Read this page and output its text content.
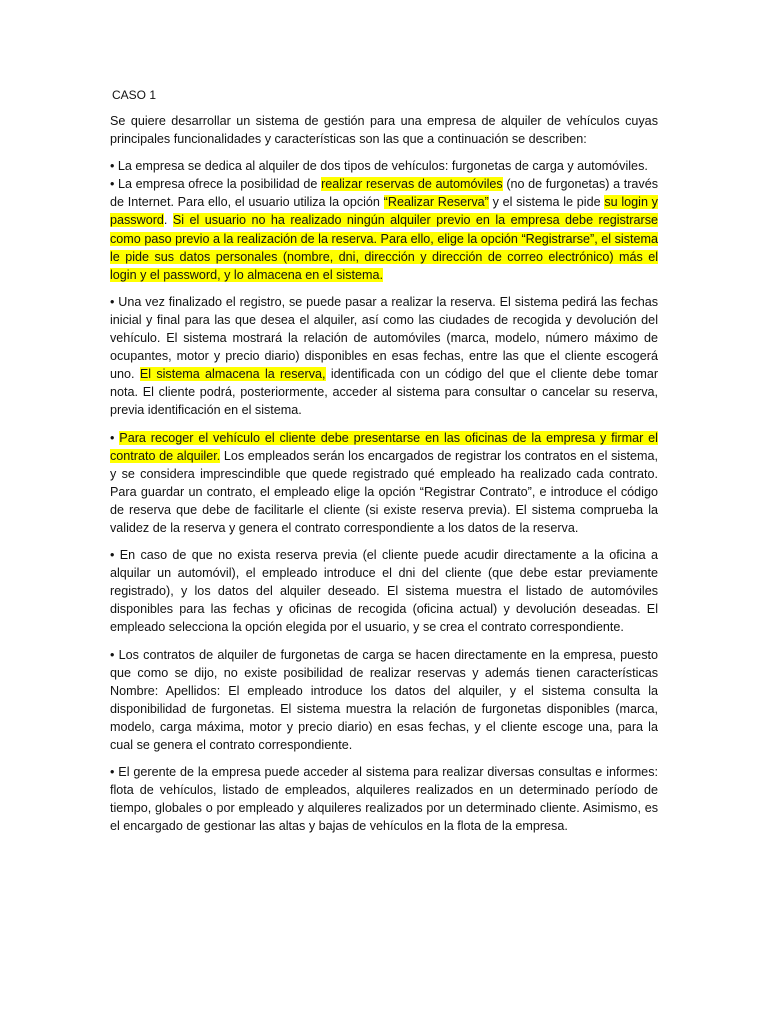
CASO 1

Se quiere desarrollar un sistema de gestión para una empresa de alquiler de vehículos cuyas principales funcionalidades y características son las que a continuación se describen:

• La empresa se dedica al alquiler de dos tipos de vehículos: furgonetas de carga y automóviles.

• La empresa ofrece la posibilidad de realizar reservas de automóviles (no de furgonetas) a través de Internet. Para ello, el usuario utiliza la opción “Realizar Reserva” y el sistema le pide su login y password. Si el usuario no ha realizado ningún alquiler previo en la empresa debe registrarse como paso previo a la realización de la reserva. Para ello, elige la opción “Registrarse”, el sistema le pide sus datos personales (nombre, dni, dirección y dirección de correo electrónico) más el login y el password, y lo almacena en el sistema.

• Una vez finalizado el registro, se puede pasar a realizar la reserva. El sistema pedirá las fechas inicial y final para las que desea el alquiler, así como las ciudades de recogida y devolución del vehículo. El sistema mostrará la relación de automóviles (marca, modelo, número máximo de ocupantes, motor y precio diario) disponibles en esas fechas, entre las que el cliente escogerá uno. El sistema almacena la reserva, identificada con un código del que el cliente debe tomar nota. El cliente podrá, posteriormente, acceder al sistema para consultar o cancelar su reserva, previa identificación en el sistema.

• Para recoger el vehículo el cliente debe presentarse en las oficinas de la empresa y firmar el contrato de alquiler. Los empleados serán los encargados de registrar los contratos en el sistema, y se considera imprescindible que quede registrado qué empleado ha realizado cada contrato. Para guardar un contrato, el empleado elige la opción “Registrar Contrato”, e introduce el código de reserva que debe de facilitarle el cliente (si existe reserva previa). El sistema comprueba la validez de la reserva y genera el contrato correspondiente a los datos de la reserva.

• En caso de que no exista reserva previa (el cliente puede acudir directamente a la oficina a alquilar un automóvil), el empleado introduce el dni del cliente (que debe estar previamente registrado), y los datos del alquiler deseado. El sistema muestra el listado de automóviles disponibles para las fechas y oficinas de recogida (oficina actual) y devolución deseadas. El empleado selecciona la opción elegida por el usuario, y se crea el contrato correspondiente.

• Los contratos de alquiler de furgonetas de carga se hacen directamente en la empresa, puesto que como se dijo, no existe posibilidad de realizar reservas y además tienen características Nombre: Apellidos: El empleado introduce los datos del alquiler, y el sistema consulta la disponibilidad de furgonetas. El sistema muestra la relación de furgonetas disponibles (marca, modelo, carga máxima, motor y precio diario) en esas fechas, y el cliente escoge una, para la cual se genera el contrato correspondiente.

• El gerente de la empresa puede acceder al sistema para realizar diversas consultas e informes: flota de vehículos, listado de empleados, alquileres realizados en un determinado período de tiempo, globales o por empleado y alquileres realizados por un determinado cliente. Asimismo, es el encargado de gestionar las altas y bajas de vehículos en la flota de la empresa.
